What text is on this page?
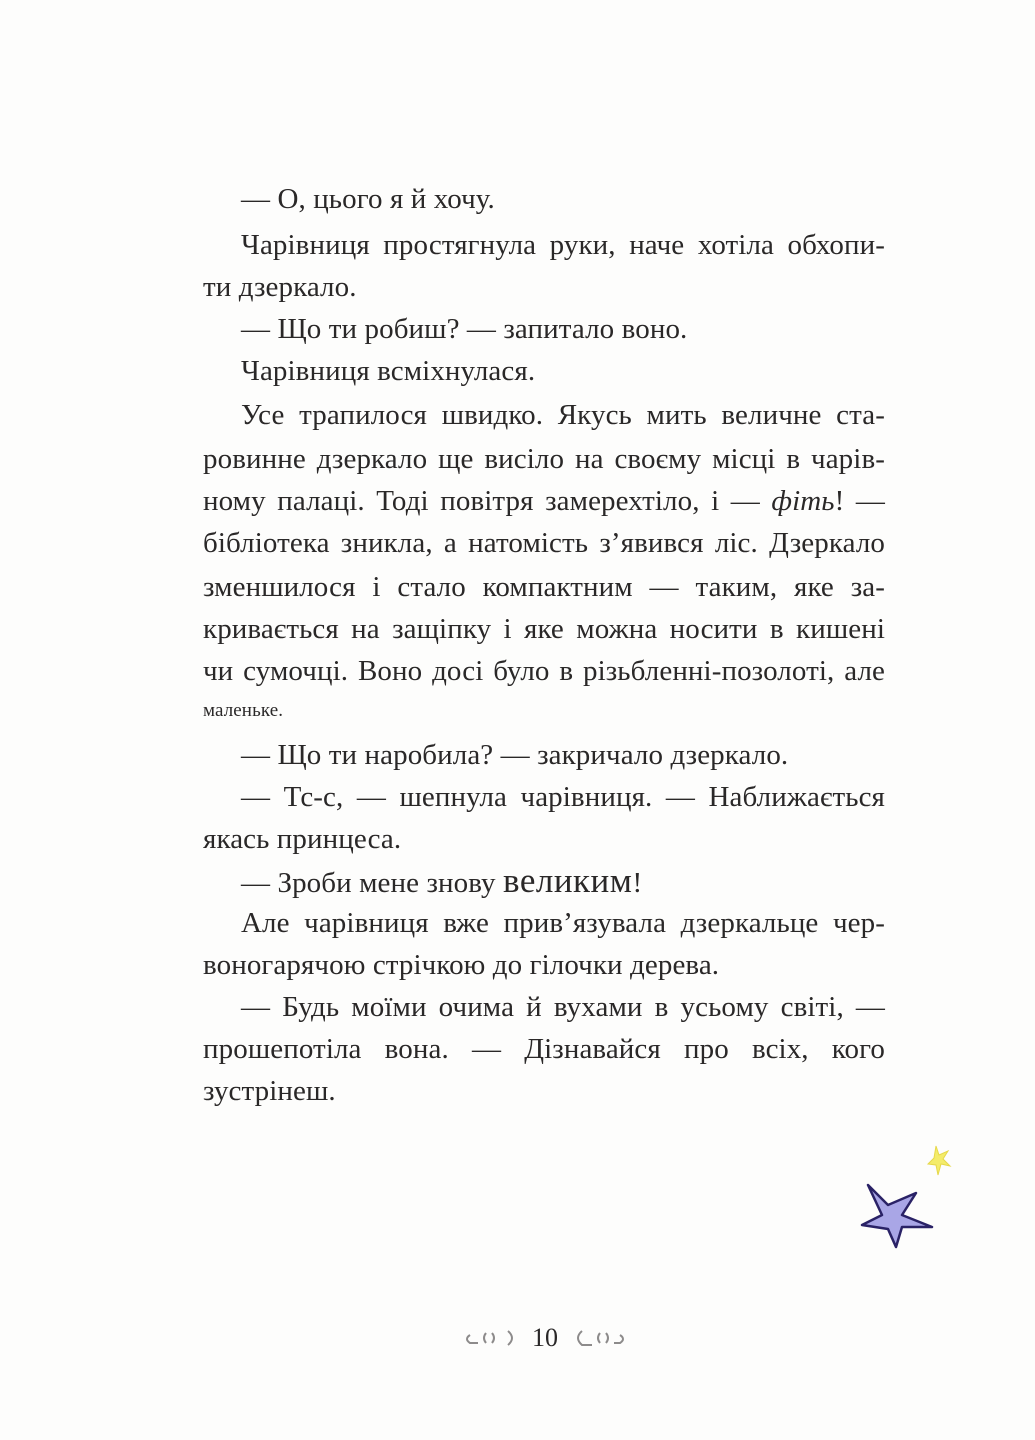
— О, цього я й хочу.
Чарівниця простягнула руки, наче хотіла обхопи-
ти дзеркало.
— Що ти робиш? — запитало воно.
Чарівниця всміхнулася.
Усе трапилося швидко. Якусь мить величне ста-
ровинне дзеркало ще висіло на своєму місці в чарів-
ному палаці. Тоді повітря замерехтіло, і — фіть! —
бібліотека зникла, а натомість з’явився ліс. Дзеркало
зменшилося і стало компактним — таким, яке за-
кривається на защіпку і яке можна носити в кишені
чи сумочці. Воно досі було в різьбленні-позолоті, але
маленьке.
— Що ти наробила? — закричало дзеркало.
— Тс-с, — шепнула чарівниця. — Наближається
якась принцеса.
— Зроби мене знову великим!
Але чарівниця вже прив’язувала дзеркальце чер-
воногарячою стрічкою до гілочки дерева.
— Будь моїми очима й вухами в усьому світі, —
прошепотіла вона. — Дізнавайся про всіх, кого
зустрінеш.
10
